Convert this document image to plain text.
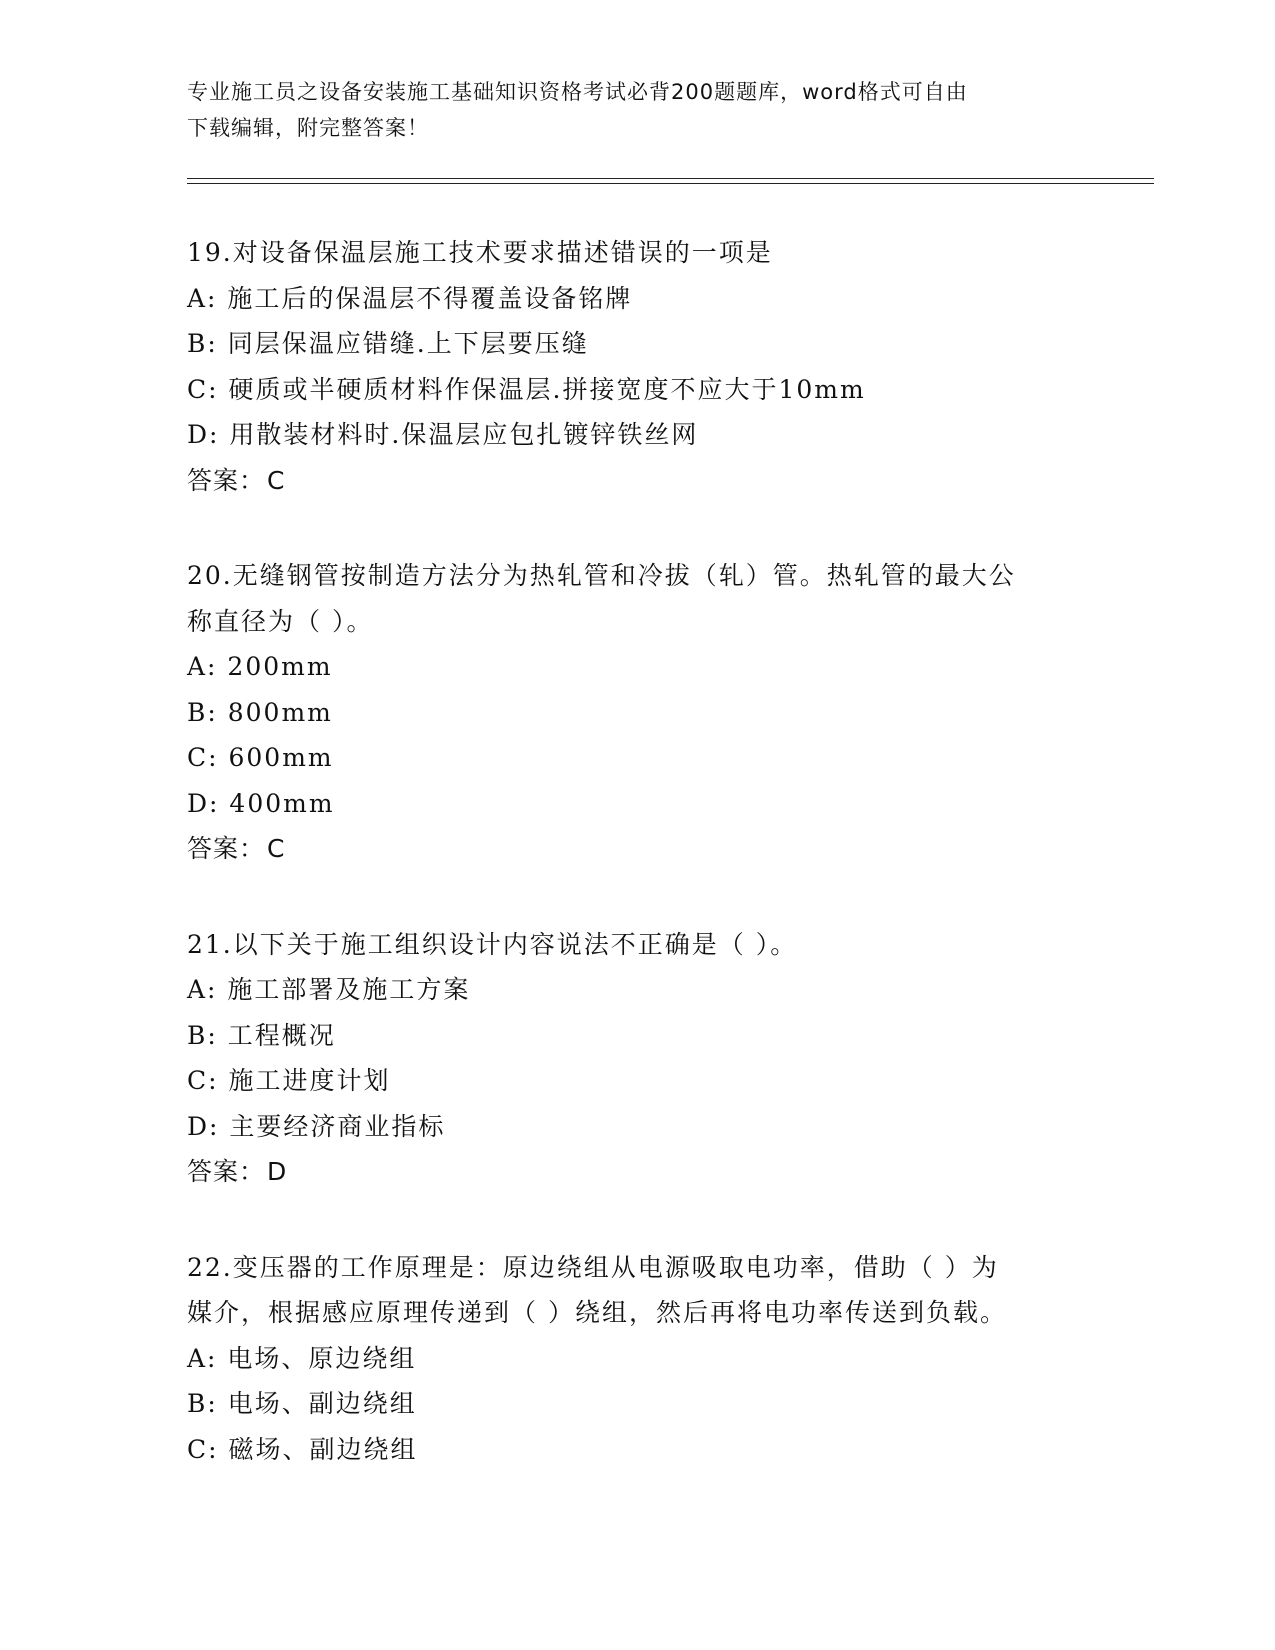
专业施工员之设备安装施工基础知识资格考试必背200题题库，word格式可自由
下载编辑，附完整答案！
19.对设备保温层施工技术要求描述错误的一项是
A: 施工后的保温层不得覆盖设备铭牌
B: 同层保温应错缝.上下层要压缝
C: 硬质或半硬质材料作保温层.拼接宽度不应大于10mm
D: 用散装材料时.保温层应包扎镀锌铁丝网
答案：C
20.无缝钢管按制造方法分为热轧管和冷拔（轧）管。热轧管的最大公
称直径为（ ）。
A: 200mm
B: 800mm
C: 600mm
D: 400mm
答案：C
21.以下关于施工组织设计内容说法不正确是（ ）。
A: 施工部署及施工方案
B: 工程概况
C: 施工进度计划
D: 主要经济商业指标
答案：D
22.变压器的工作原理是：原边绕组从电源吸取电功率，借助（ ）为
媒介，根据感应原理传递到（ ）绕组，然后再将电功率传送到负载。
A: 电场、原边绕组
B: 电场、副边绕组
C: 磁场、副边绕组
